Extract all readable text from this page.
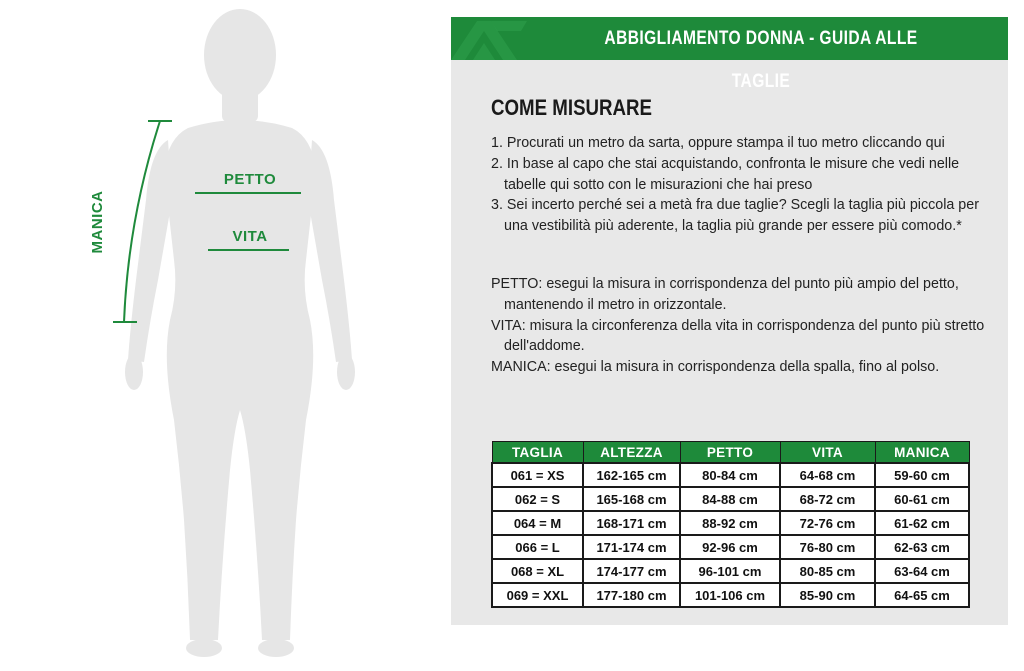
MANICA
PETTO
VITA
ABBIGLIAMENTO DONNA - GUIDA ALLE TAGLIE
COME MISURARE

1. Procurati un metro da sarta, oppure stampa il tuo metro cliccando qui

2. In base al capo che stai acquistando, confronta le misure che vedi nelle tabelle qui sotto con le misurazioni che hai preso

3. Sei incerto perché sei a metà fra due taglie? Scegli la taglia più piccola per una vestibilità più aderente, la taglia più grande per essere più comodo.*

PETTO: esegui la misura in corrispondenza del punto più ampio del petto, mantenendo il metro in orizzontale.

VITA: misura la circonferenza della vita in corrispondenza del punto più stretto dell'addome.

MANICA: esegui la misura in corrispondenza della spalla, fino al polso.

TAGLIA	ALTEZZA	PETTO	VITA	MANICA
061 = XS	162-165 cm	80-84 cm	64-68 cm	59-60 cm
062 = S	165-168 cm	84-88 cm	68-72 cm	60-61 cm
064 = M	168-171 cm	88-92 cm	72-76 cm	61-62 cm
066 = L	171-174 cm	92-96 cm	76-80 cm	62-63 cm
068 = XL	174-177 cm	96-101 cm	80-85 cm	63-64 cm
069 = XXL	177-180 cm	101-106 cm	85-90 cm	64-65 cm
